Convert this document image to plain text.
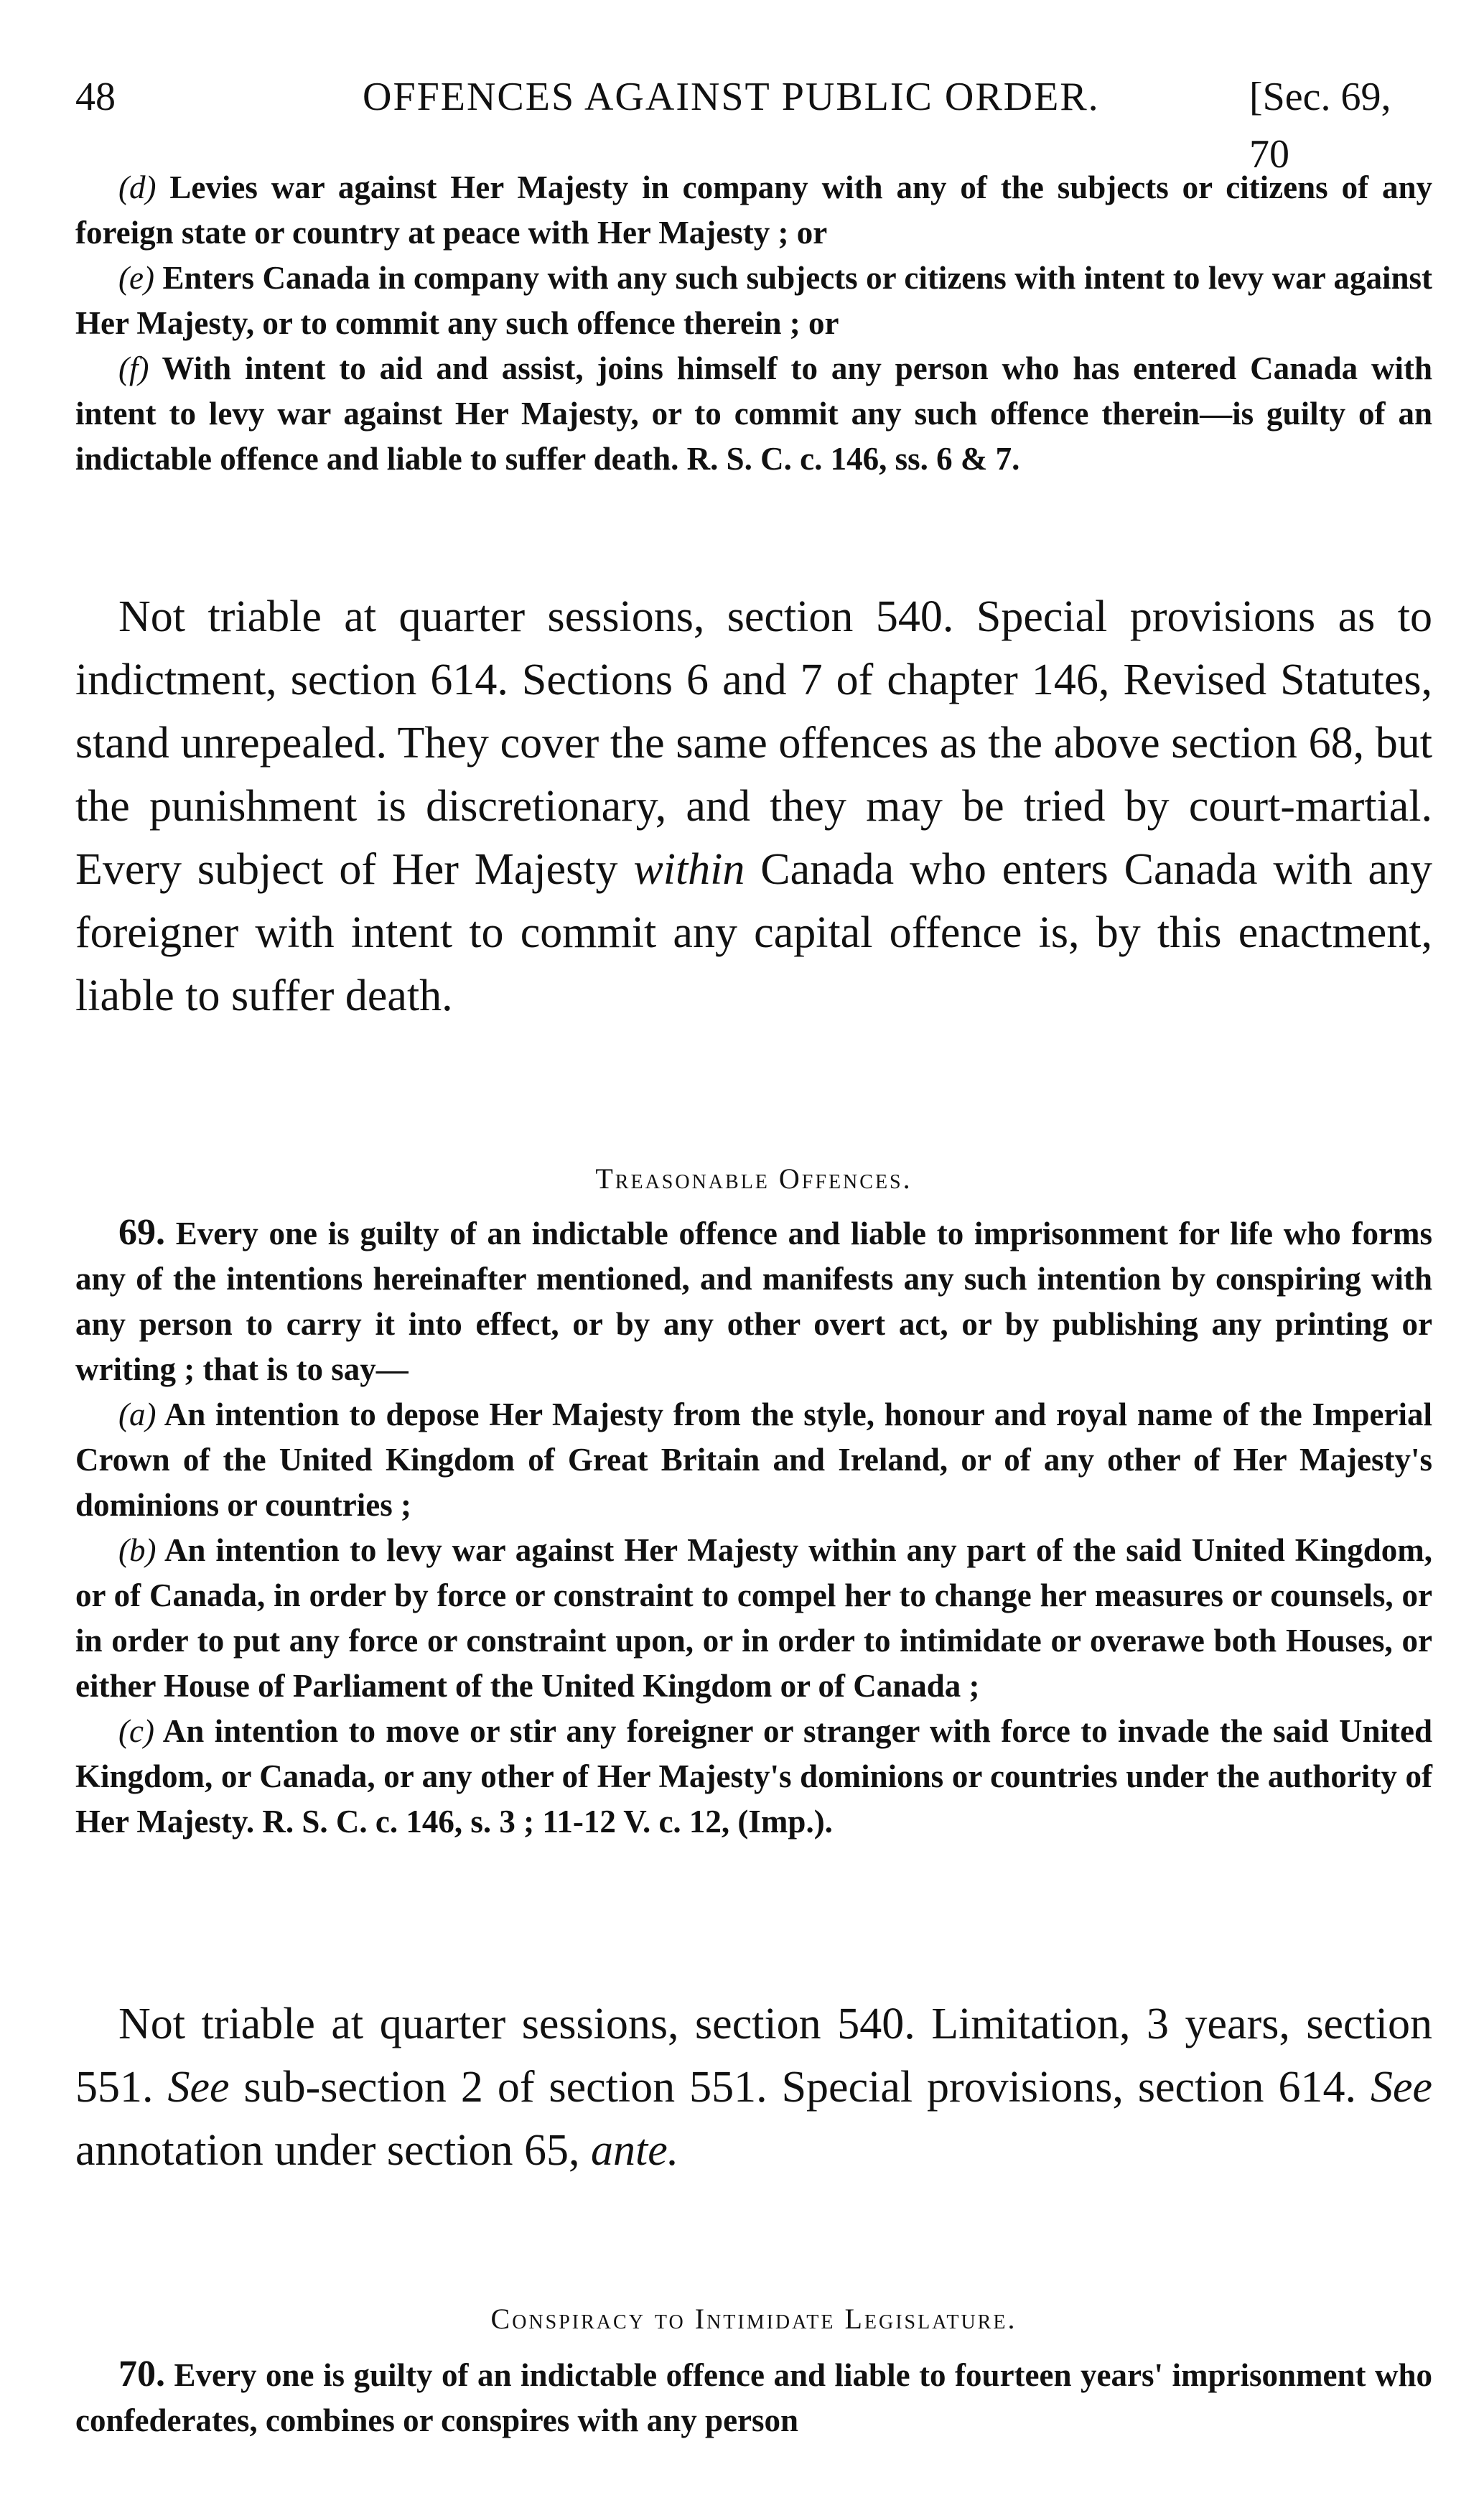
48	OFFENCES AGAINST PUBLIC ORDER.	[Sec. 69, 70

(d) Levies war against Her Majesty in company with any of the subjects or citizens of any foreign state or country at peace with Her Majesty ; or

(e) Enters Canada in company with any such subjects or citizens with intent to levy war against Her Majesty, or to commit any such offence therein ; or

(f) With intent to aid and assist, joins himself to any person who has entered Canada with intent to levy war against Her Majesty, or to commit any such offence therein—is guilty of an indictable offence and liable to suffer death. R. S. C. c. 146, ss. 6 & 7.

Not triable at quarter sessions, section 540. Special provisions as to indictment, section 614. Sections 6 and 7 of chapter 146, Revised Statutes, stand unrepealed. They cover the same offences as the above section 68, but the punishment is discretionary, and they may be tried by court-martial. Every subject of Her Majesty within Canada who enters Canada with any foreigner with intent to commit any capital offence is, by this enactment, liable to suffer death.

Treasonable Offences.

69. Every one is guilty of an indictable offence and liable to imprisonment for life who forms any of the intentions hereinafter mentioned, and manifests any such intention by conspiring with any person to carry it into effect, or by any other overt act, or by publishing any printing or writing ; that is to say—

(a) An intention to depose Her Majesty from the style, honour and royal name of the Imperial Crown of the United Kingdom of Great Britain and Ireland, or of any other of Her Majesty's dominions or countries ;

(b) An intention to levy war against Her Majesty within any part of the said United Kingdom, or of Canada, in order by force or constraint to compel her to change her measures or counsels, or in order to put any force or constraint upon, or in order to intimidate or overawe both Houses, or either House of Parliament of the United Kingdom or of Canada ;

(c) An intention to move or stir any foreigner or stranger with force to invade the said United Kingdom, or Canada, or any other of Her Majesty's dominions or countries under the authority of Her Majesty. R. S. C. c. 146, s. 3 ; 11-12 V. c. 12, (Imp.).

Not triable at quarter sessions, section 540. Limitation, 3 years, section 551. See sub-section 2 of section 551. Special provisions, section 614. See annotation under section 65, ante.

Conspiracy to Intimidate Legislature.

70. Every one is guilty of an indictable offence and liable to fourteen years' imprisonment who confederates, combines or conspires with any person
